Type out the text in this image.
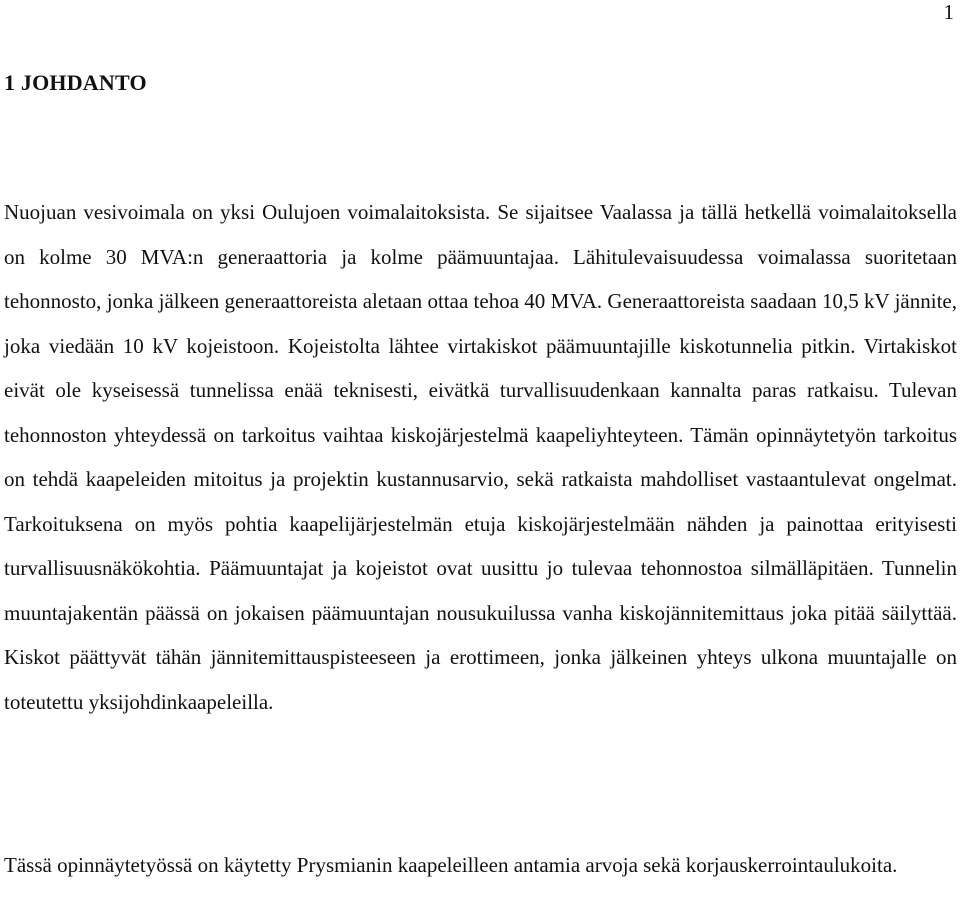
1
1 JOHDANTO

Nuojuan vesivoimala on yksi Oulujoen voimalaitoksista. Se sijaitsee Vaalassa ja tällä hetkellä voimalaitoksella on kolme 30 MVA:n generaattoria ja kolme päämuuntajaa. Lähitulevaisuudessa voimalassa suoritetaan tehonnosto, jonka jälkeen generaattoreista aletaan ottaa tehoa 40 MVA. Generaattoreista saadaan 10,5 kV jännite, joka viedään 10 kV kojeistoon. Kojeistolta lähtee virtakiskot päämuuntajille kiskotunnelia pitkin. Virtakiskot eivät ole kyseisessä tunnelissa enää teknisesti, eivätkä turvallisuudenkaan kannalta paras ratkaisu. Tulevan tehonnoston yhteydessä on tarkoitus vaihtaa kiskojärjestelmä kaapeliyhteyteen. Tämän opinnäytetyön tarkoitus on tehdä kaapeleiden mitoitus ja projektin kustannusarvio, sekä ratkaista mahdolliset vastaantulevat ongelmat. Tarkoituksena on myös pohtia kaapelijärjestelmän etuja kiskojärjestelmään nähden ja painottaa erityisesti turvallisuusnäkökohtia. Päämuuntajat ja kojeistot ovat uusittu jo tulevaa tehonnostoa silmälläpitäen. Tunnelin muuntajakentän päässä on jokaisen päämuuntajan nousukuilussa vanha kiskojännitemittaus joka pitää säilyttää. Kiskot päättyvät tähän jännitemittauspisteeseen ja erottimeen, jonka jälkeinen yhteys ulkona muuntajalle on toteutettu yksijohdinkaapeleilla.

Tässä opinnäytetyössä on käytetty Prysmianin kaapeleilleen antamia arvoja sekä korjauskerrointaulukoita.
